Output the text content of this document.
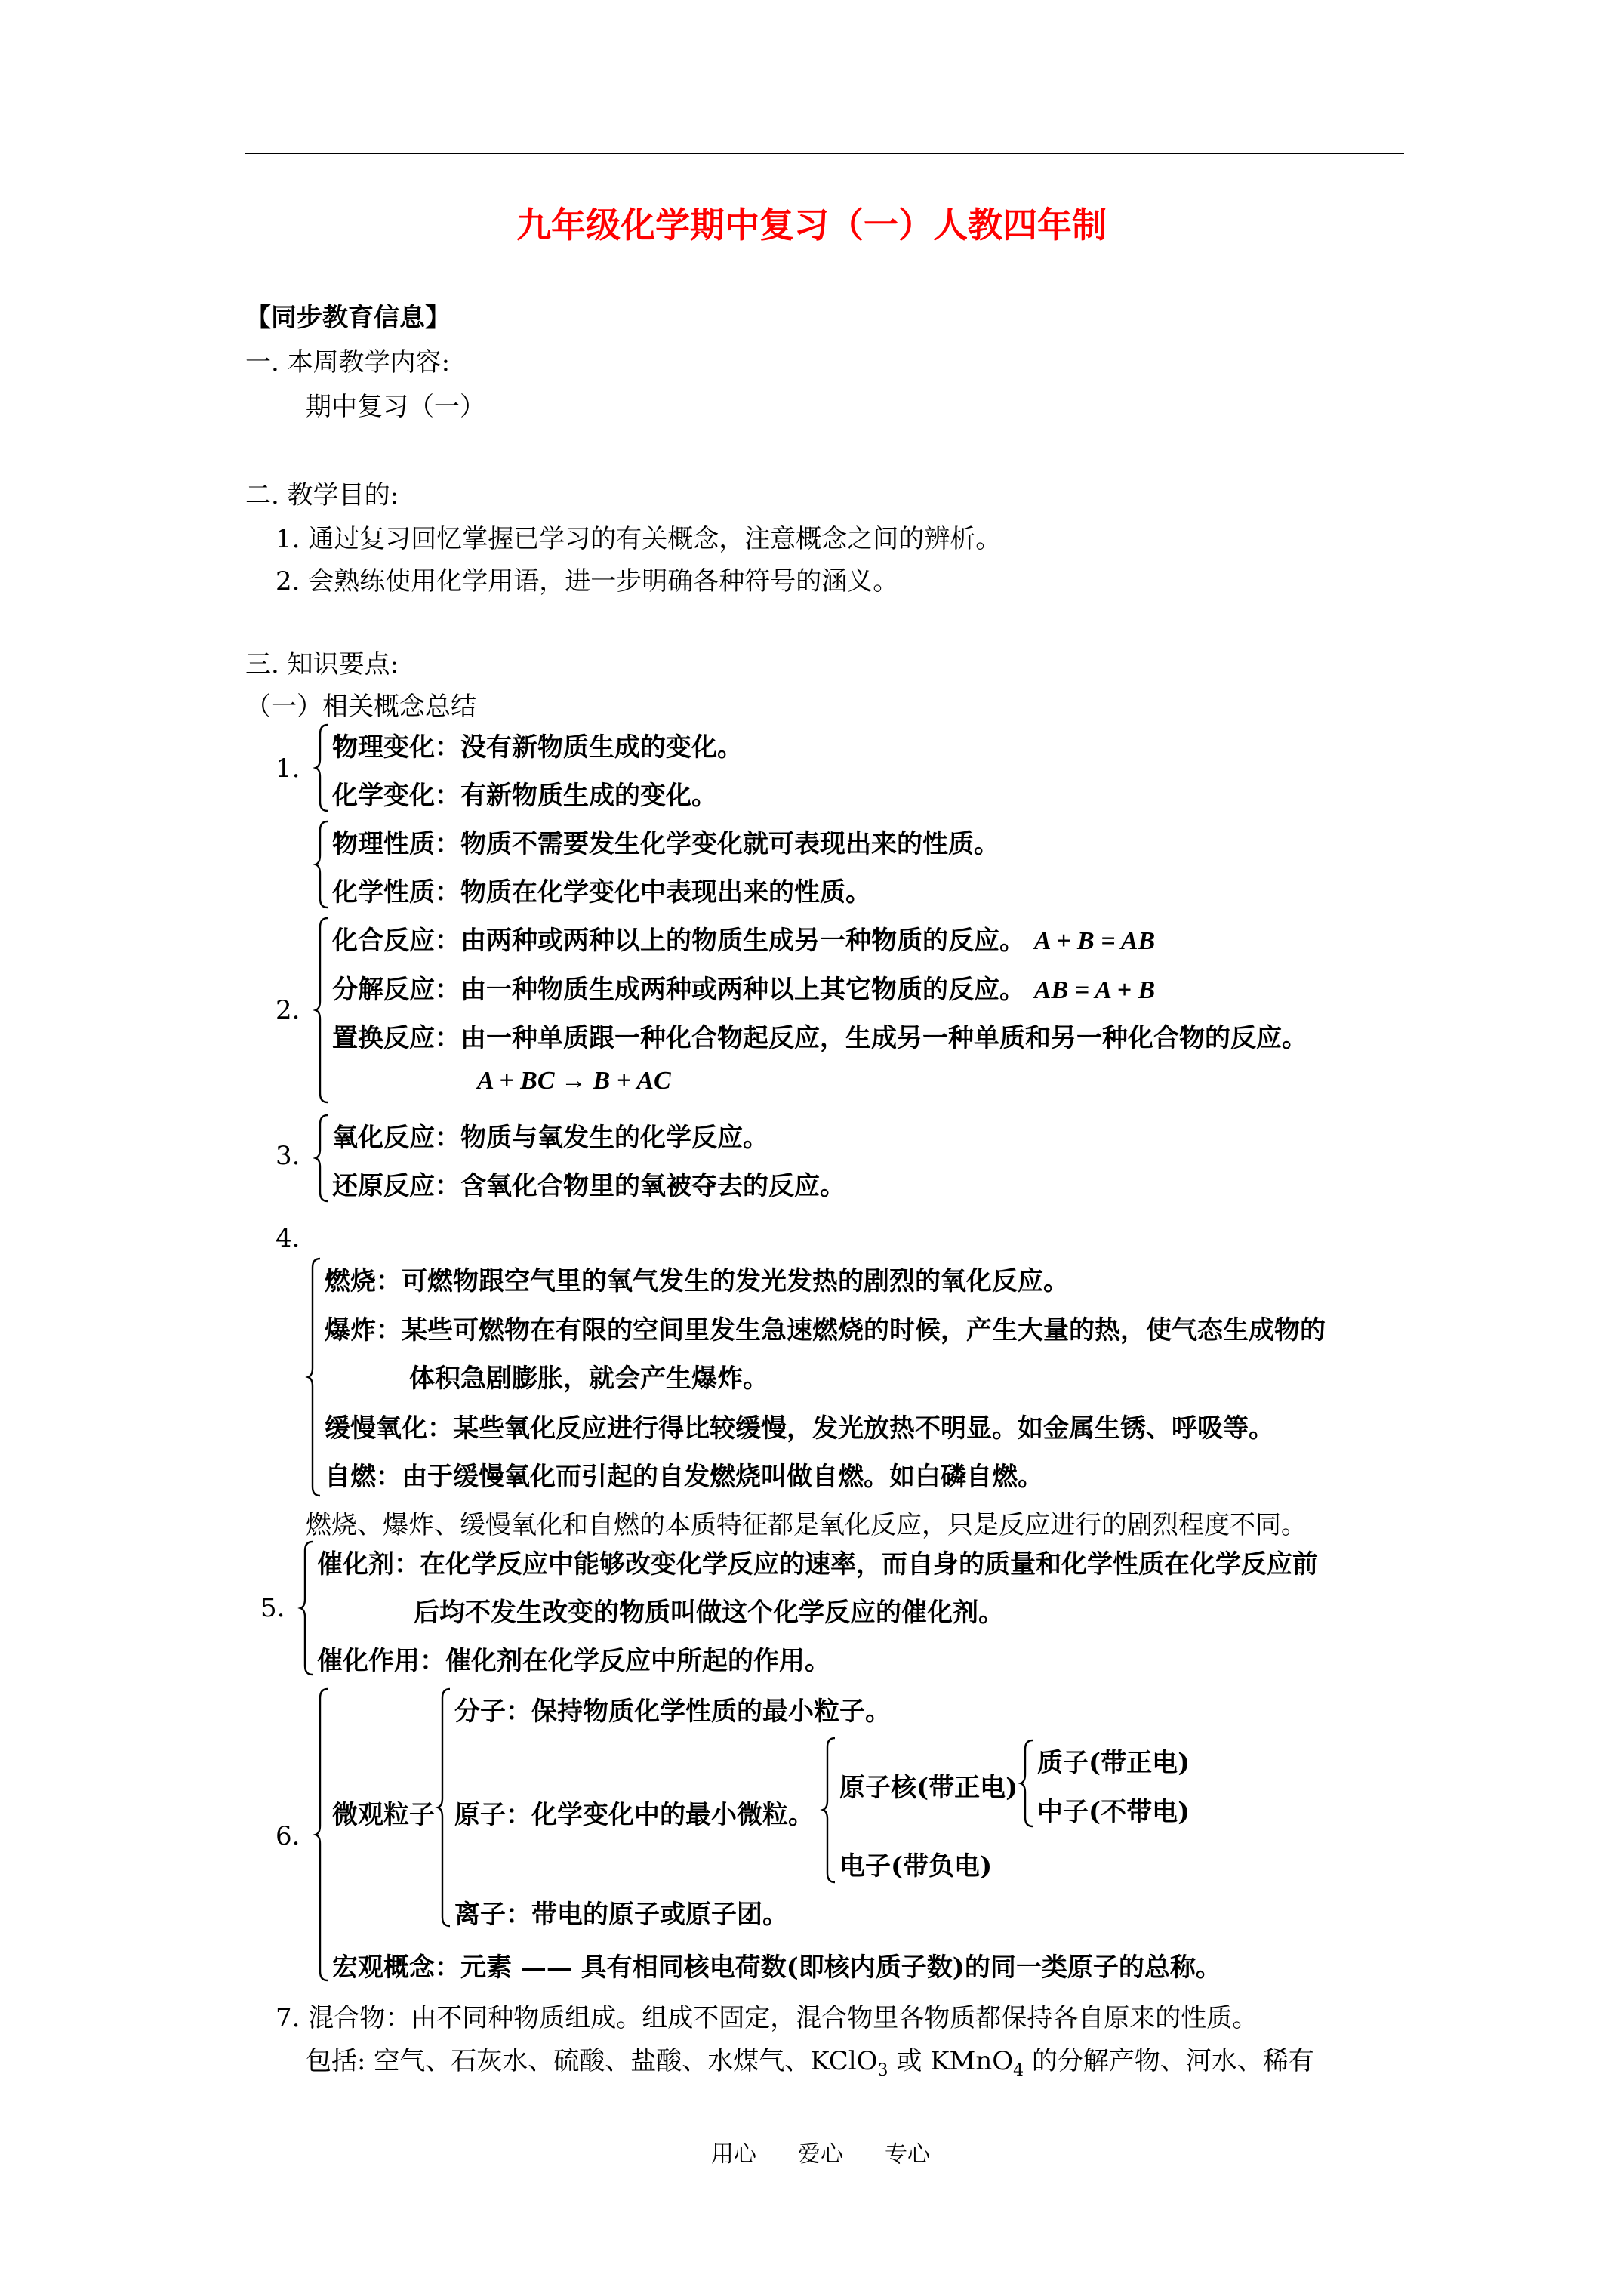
九年级化学期中复习（一）人教四年制
【同步教育信息】
一. 本周教学内容:
期中复习（一）
二. 教学目的:
1. 通过复习回忆掌握已学习的有关概念，注意概念之间的辨析。
2. 会熟练使用化学用语，进一步明确各种符号的涵义。
三. 知识要点:
（一）相关概念总结
1.
物理变化：没有新物质生成的变化。
化学变化：有新物质生成的变化。
物理性质：物质不需要发生化学变化就可表现出来的性质。
化学性质：物质在化学变化中表现出来的性质。
2.
化合反应：由两种或两种以上的物质生成另一种物质的反应。 A + B = AB
分解反应：由一种物质生成两种或两种以上其它物质的反应。 AB = A + B
置换反应：由一种单质跟一种化合物起反应，生成另一种单质和另一种化合物的反应。
A + BC → B + AC
3.
氧化反应：物质与氧发生的化学反应。
还原反应：含氧化合物里的氧被夺去的反应。
4.
燃烧：可燃物跟空气里的氧气发生的发光发热的剧烈的氧化反应。
爆炸：某些可燃物在有限的空间里发生急速燃烧的时候，产生大量的热，使气态生成物的
体积急剧膨胀，就会产生爆炸。
缓慢氧化：某些氧化反应进行得比较缓慢，发光放热不明显。如金属生锈、呼吸等。
自燃：由于缓慢氧化而引起的自发燃烧叫做自燃。如白磷自燃。
燃烧、爆炸、缓慢氧化和自燃的本质特征都是氧化反应，只是反应进行的剧烈程度不同。
5.
催化剂：在化学反应中能够改变化学反应的速率，而自身的质量和化学性质在化学反应前
后均不发生改变的物质叫做这个化学反应的催化剂。
催化作用：催化剂在化学反应中所起的作用。
6.
微观粒子
分子：保持物质化学性质的最小粒子。
原子：化学变化中的最小微粒。
原子核(带正电)
质子(带正电)
中子(不带电)
电子(带负电)
离子：带电的原子或原子团。
宏观概念：元素 —— 具有相同核电荷数(即核内质子数)的同一类原子的总称。
7. 混合物：由不同种物质组成。组成不固定，混合物里各物质都保持各自原来的性质。
包括: 空气、石灰水、硫酸、盐酸、水煤气、KClO$_3$ 或 KMnO$_4$ 的分解产物、河水、稀有
用心 爱心 专心
